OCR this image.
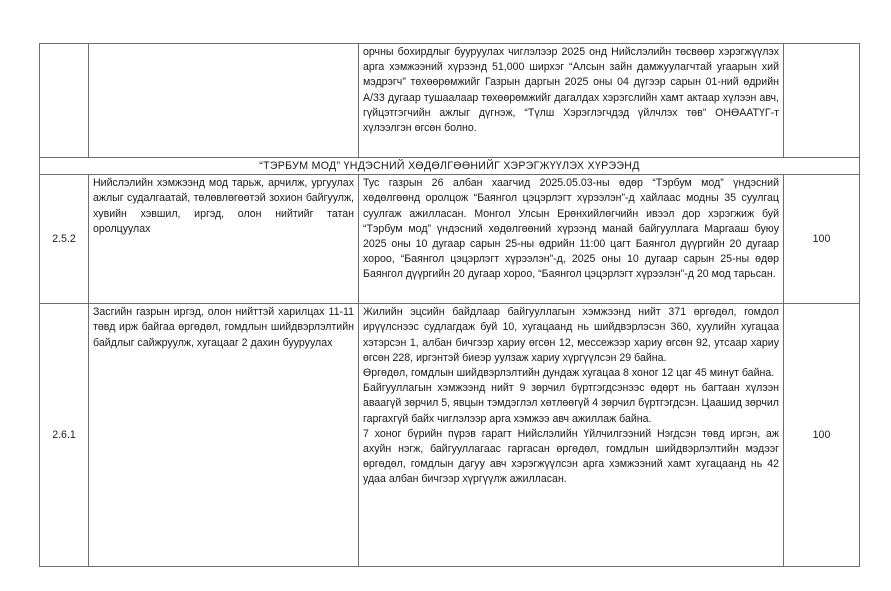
		орчны бохирдлыг бууруулах чиглэлээр 2025 онд Нийслэлийн төсвөөр хэрэгжүүлэх арга хэмжээний хүрээнд 51,000 ширхэг “Алсын зайн дамжуулагчтай угаарын хий мэдрэгч” төхөөрөмжийг Газрын даргын 2025 оны 04 дүгээр сарын 01-ний өдрийн А/33 дугаар тушаалаар төхөөрөмжийг дагалдах хэрэгслийн хамт актаар хүлээн авч, гүйцэтгэгчийн ажлыг дүгнэж, “Түлш Хэрэглэгчдэд үйлчлэх төв” ОНӨААТҮГ-т хүлээлгэн өгсөн болно.	

“ТЭРБУМ МОД” ҮНДЭСНИЙ ХӨДӨЛГӨӨНИЙГ ХЭРЭГЖҮҮЛЭХ ХҮРЭЭНД			
2.5.2	Нийслэлийн хэмжээнд мод тарьж, арчилж, ургуулах ажлыг судалгаатай, төлөвлөгөөтэй зохион байгуулж, хувийн хэвшил, иргэд, олон нийтийг татан оролцуулах	Тус газрын 26 албан хаагчид 2025.05.03-ны өдөр “Тэрбум мод” үндэсний хөдөлгөөнд оролцож “Баянгол цэцэрлэгт хүрээлэн”-д хайлаас модны 35 суулгац суулгаж ажилласан. Монгол Улсын Ерөнхийлөгчийн ивээл дор хэрэгжиж буй “Тэрбум мод” үндэсний хөдөлгөөний хүрээнд манай байгууллага Маргааш буюу 2025 оны 10 дугаар сарын 25-ны өдрийн 11:00 цагт Баянгол дүүргийн 20 дугаар хороо, “Баянгол цэцэрлэгт хүрээлэн”-д, 2025 оны 10 дугаар сарын 25-ны өдөр Баянгол дүүргийн 20 дугаар хороо, “Баянгол цэцэрлэгт хүрээлэн”-д 20 мод тарьсан.	100
2.6.1	Засгийн газрын иргэд, олон нийттэй харилцах 11-11 төвд ирж байгаа өргөдөл, гомдлын шийдвэрлэлтийн байдлыг сайжруулж, хугацааг 2 дахин бууруулах	Жилийн эцсийн байдлаар байгууллагын хэмжээнд нийт 371 өргөдөл, гомдол ирүүлснээс судлагдаж буй 10, хугацаанд нь шийдвэрлэсэн 360, хуулийн хугацаа хэтэрсэн 1, албан бичгээр хариу өгсөн 12, мессежээр хариу өгсөн 92, утсаар хариу өгсөн 228, иргэнтэй биеэр уулзаж хариу хүргүүлсэн 29 байна.

Өргөдөл, гомдлын шийдвэрлэлтийн дундаж хугацаа 8 хоног 12 цаг 45 минут байна.

Байгууллагын хэмжээнд нийт 9 зөрчил бүртгэгдсэнээс өдөрт нь багтаан хүлээн аваагүй зөрчил 5, явцын тэмдэглэл хөтлөөгүй 4 зөрчил бүртгэгдсэн. Цаашид зөрчил гаргахгүй байх чиглэлээр арга хэмжээ авч ажиллаж байна.

7 хоног бүрийн пүрэв гарагт Нийслэлийн Үйлчилгээний Нэгдсэн төвд иргэн, аж ахуйн нэгж, байгууллагаас гаргасан өргөдөл, гомдлын шийдвэрлэлтийн мэдээг өргөдөл, гомдлын дагуу авч хэрэгжүүлсэн арга хэмжээний хамт хугацаанд нь 42 удаа албан бичгээр хүргүүлж ажилласан.	100
